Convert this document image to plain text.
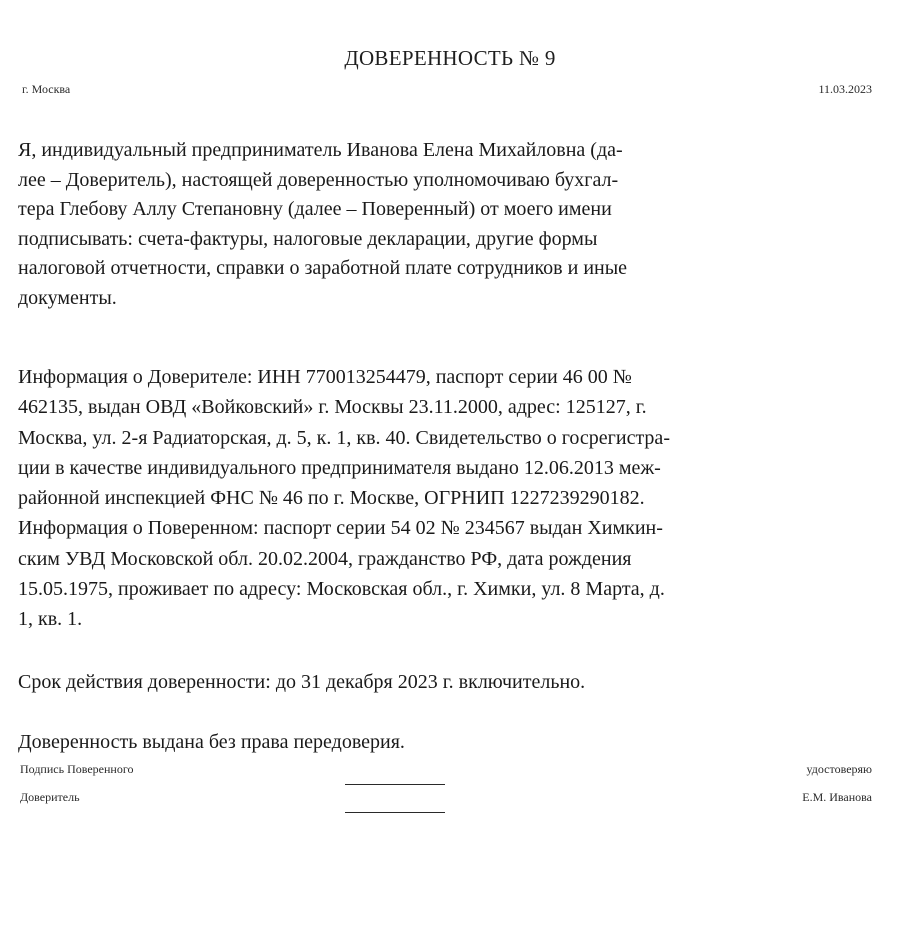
ДОВЕРЕННОСТЬ № 9
г. Москва	11.03.2023

Я, индивидуальный предприниматель Иванова Елена Михайловна (да-
лее – Доверитель), настоящей доверенностью уполномочиваю бухгал-
тера Глебову Аллу Степановну (далее – Поверенный) от моего имени
подписывать: счета-фактуры, налоговые декларации, другие формы
налоговой отчетности, справки о заработной плате сотрудников и иные
документы.

Информация о Доверителе: ИНН 770013254479, паспорт серии 46 00 №
462135, выдан ОВД «Войковский» г. Москвы 23.11.2000, адрес: 125127, г.
Москва, ул. 2-я Радиаторская, д. 5, к. 1, кв. 40. Свидетельство о госрегистра-
ции в качестве индивидуального предпринимателя выдано 12.06.2013 меж-
районной инспекцией ФНС № 46 по г. Москве, ОГРНИП 1227239290182.
Информация о Поверенном: паспорт серии 54 02 № 234567 выдан Химкин-
ским УВД Московской обл. 20.02.2004, гражданство РФ, дата рождения
15.05.1975, проживает по адресу: Московская обл., г. Химки, ул. 8 Марта, д.
1, кв. 1.

Срок действия доверенности: до 31 декабря 2023 г. включительно.

Доверенность выдана без права передоверия.

Подпись Поверенного
Доверитель
удостоверяю
Е.М. Иванова
